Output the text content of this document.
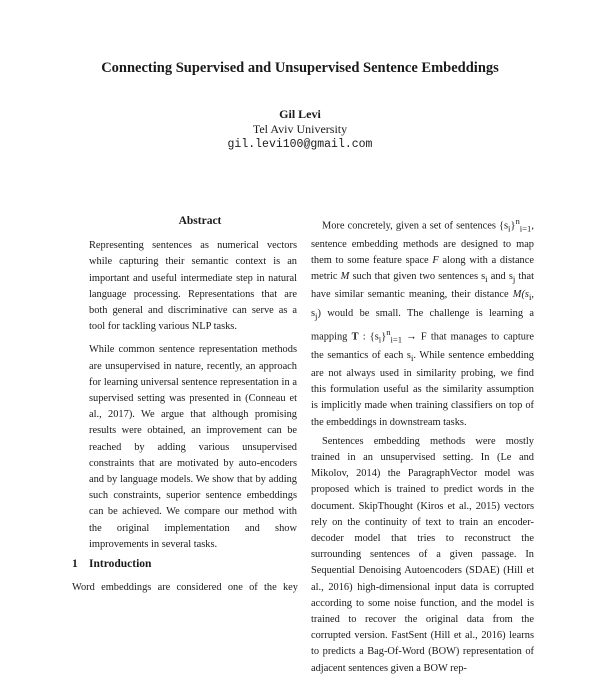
Connecting Supervised and Unsupervised Sentence Embeddings
Gil Levi
Tel Aviv University
gil.levi100@gmail.com
Abstract

Representing sentences as numerical vectors while capturing their semantic context is an important and useful intermediate step in natural language processing. Representations that are both general and discriminative can serve as a tool for tackling various NLP tasks.

While common sentence representation methods are unsupervised in nature, recently, an approach for learning universal sentence representation in a supervised setting was presented in (Conneau et al., 2017). We argue that although promising results were obtained, an improvement can be reached by adding various unsupervised constraints that are motivated by auto-encoders and by language models. We show that by adding such constraints, superior sentence embeddings can be achieved. We compare our method with the original implementation and show improvements in several tasks.

1 Introduction

Word embeddings are considered one of the key

More concretely, given a set of sentences $\{s_i\}^n_{i=1}$, sentence embedding methods are designed to map them to some feature space F along with a distance metric M such that given two sentences $s_i$ and $s_j$ that have similar semantic meaning, their distance $M(s_i$, $s_j$) would be small. The challenge is learning a mapping T : $\{s_i\}^n_{i=1} \to F$ that manages to capture the semantics of each $s_i$. While sentence embedding are not always used in similarity probing, we find this formulation useful as the similarity assumption is implicitly made when training classifiers on top of the embeddings in downstream tasks.

Sentences embedding methods were mostly trained in an unsupervised setting. In (Le and Mikolov, 2014) the ParagraphVector model was proposed which is trained to predict words in the document. SkipThought (Kiros et al., 2015) vectors rely on the continuity of text to train an encoder-decoder model that tries to reconstruct the surrounding sentences of a given passage. In Sequential Denoising Autoencoders (SDAE) (Hill et al., 2016) high-dimensional input data is corrupted according to some noise function, and the model is trained to recover the original data from the corrupted version. FastSent (Hill et al., 2016) learns to predicts a Bag-Of-Word (BOW) representation of adjacent sentences given a BOW rep-
